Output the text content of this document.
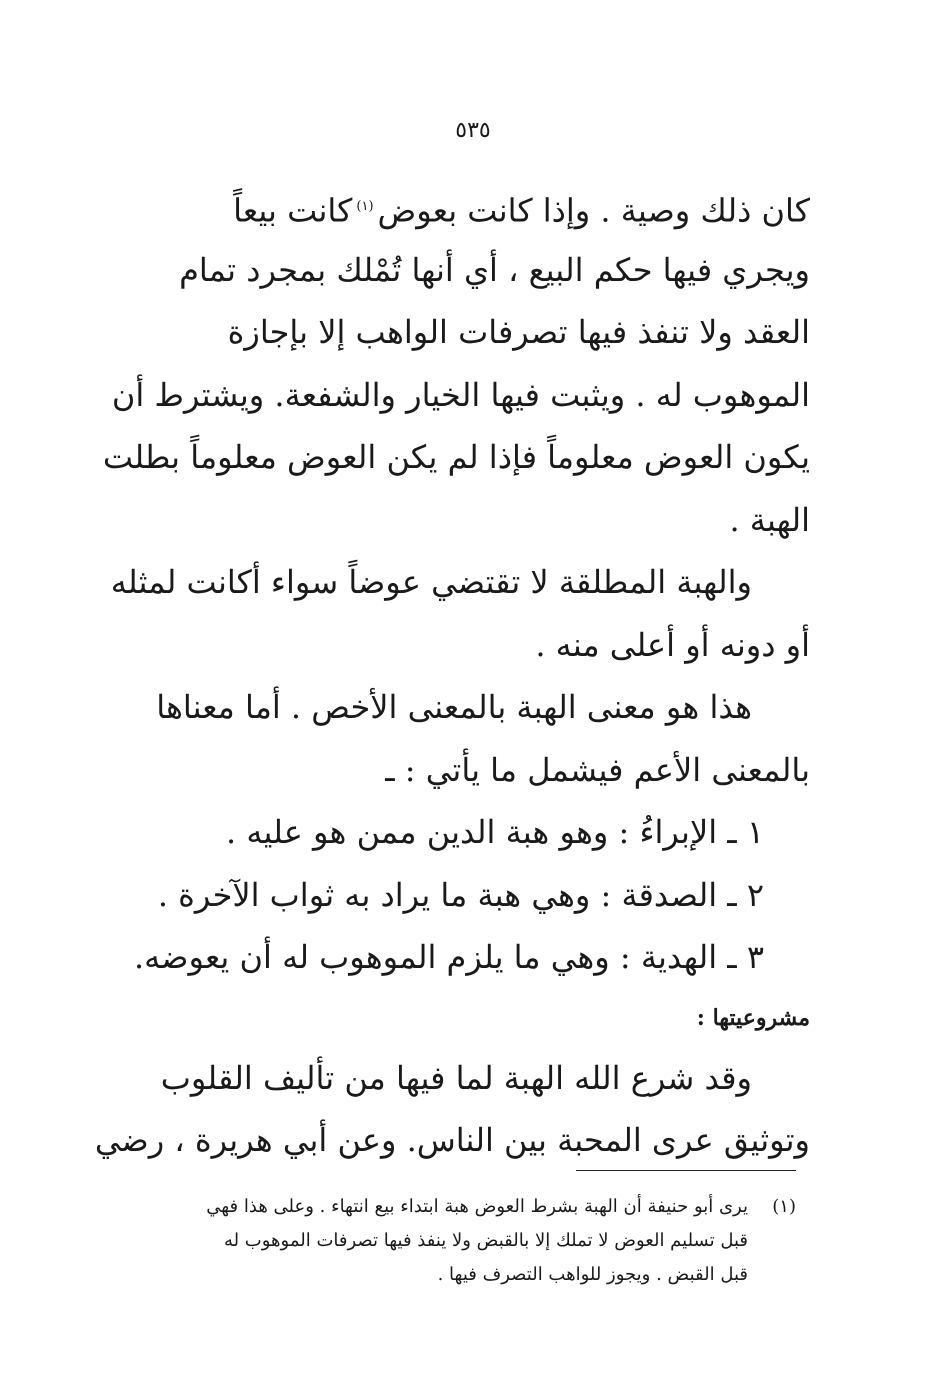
٥٣٥
كان ذلك وصية . وإذا كانت بعوض$^{(١)}$كانت بيعاً
ويجري فيها حكم البيع ، أي أنها تُمْلك بمجرد تمام
العقد ولا تنفذ فيها تصرفات الواهب إلا بإجازة
الموهوب له . ويثبت فيها الخيار والشفعة. ويشترط أن
يكون العوض معلوماً فإذا لم يكن العوض معلوماً بطلت
الهبة .
والهبة المطلقة لا تقتضي عوضاً سواء أكانت لمثله
أو دونه أو أعلى منه .
هذا هو معنى الهبة بالمعنى الأخص . أما معناها
بالمعنى الأعم فيشمل ما يأتي : ـ
١ ـ الإبراءُ : وهو هبة الدين ممن هو عليه .
٢ ـ الصدقة : وهي هبة ما يراد به ثواب الآخرة .
٣ ـ الهدية : وهي ما يلزم الموهوب له أن يعوضه.
مشروعيتها :
وقد شرع الله الهبة لما فيها من تأليف القلوب
وتوثيق عرى المحبة بين الناس. وعن أبي هريرة ، رضي
(١)
يرى أبو حنيفة أن الهبة بشرط العوض هبة ابتداء بيع انتهاء . وعلى هذا فهي
قبل تسليم العوض لا تملك إلا بالقبض ولا ينفذ فيها تصرفات الموهوب له
قبل القبض . ويجوز للواهب التصرف فيها .
